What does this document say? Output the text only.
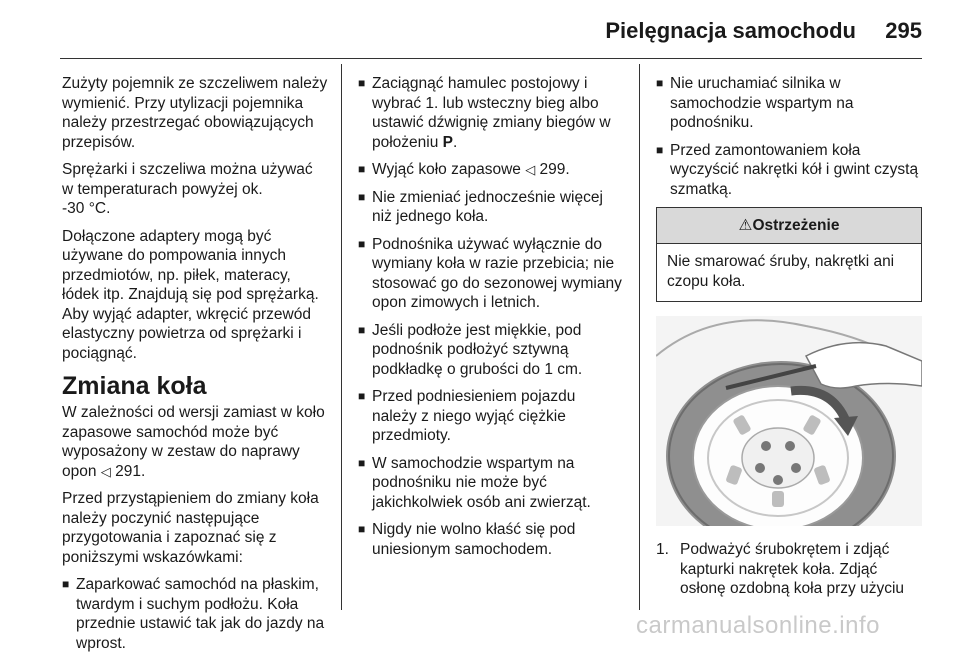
Pielęgnacja samochodu 295

Zużyty pojemnik ze szczeliwem należy wymienić. Przy utylizacji pojemnika należy przestrzegać obowiązujących przepisów.

Sprężarki i szczeliwa można używać w temperaturach powyżej ok.
-30 °C.

Dołączone adaptery mogą być używane do pompowania innych przedmiotów, np. piłek, materacy, łódek itp. Znajdują się pod sprężarką. Aby wyjąć adapter, wkręcić przewód elastyczny powietrza od sprężarki i pociągnąć.

Zmiana koła

W zależności od wersji zamiast w koło zapasowe samochód może być wyposażony w zestaw do naprawy opon ◁ 291.

Przed przystąpieniem do zmiany koła należy poczynić następujące przygotowania i zapoznać się z poniższymi wskazówkami:

■ Zaparkować samochód na płaskim, twardym i suchym podłożu. Koła przednie ustawić tak jak do jazdy na wprost.
■ Zaciągnąć hamulec postojowy i wybrać 1. lub wsteczny bieg albo ustawić dźwignię zmiany biegów w położeniu P.
■ Wyjąć koło zapasowe ◁ 299.
■ Nie zmieniać jednocześnie więcej niż jednego koła.
■ Podnośnika używać wyłącznie do wymiany koła w razie przebicia; nie stosować go do sezonowej wymiany opon zimowych i letnich.
■ Jeśli podłoże jest miękkie, pod podnośnik podłożyć sztywną podkładkę o grubości do 1 cm.
■ Przed podniesieniem pojazdu należy z niego wyjąć ciężkie przedmioty.
■ W samochodzie wspartym na podnośniku nie może być jakichkolwiek osób ani zwierząt.
■ Nigdy nie wolno kłaść się pod uniesionym samochodem.
■ Nie uruchamiać silnika w samochodzie wspartym na podnośniku.
■ Przed zamontowaniem koła wyczyścić nakrętki kół i gwint czystą szmatką.
⚠Ostrzeżenie
Nie smarować śruby, nakrętki ani czopu koła.
1. Podważyć śrubokrętem i zdjąć kapturki nakrętek koła. Zdjąć osłonę ozdobną koła przy użyciu
carmanualsonline.info
